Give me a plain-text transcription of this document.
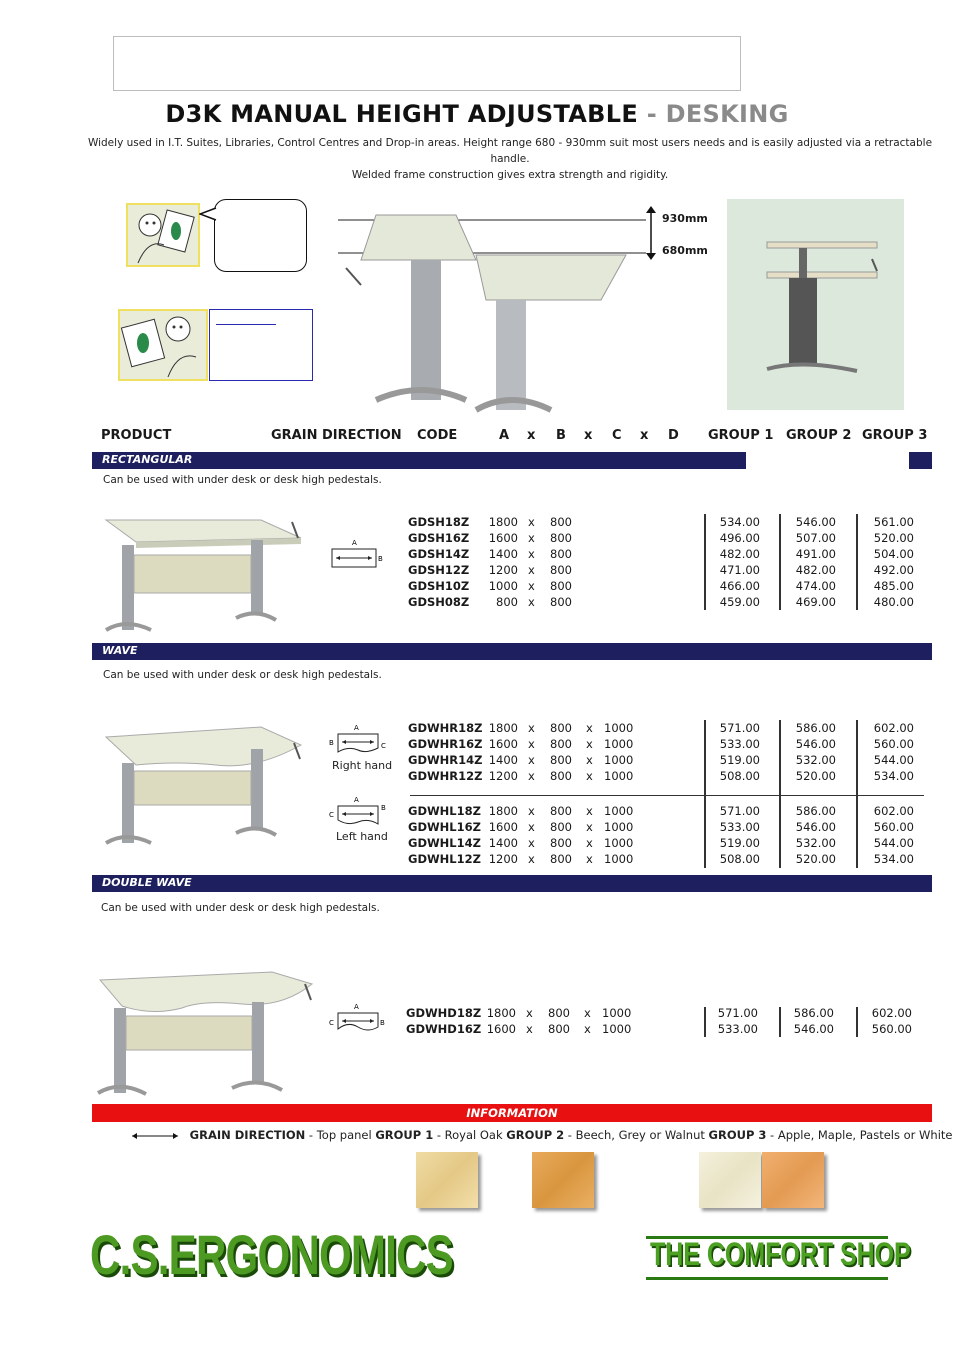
D3K MANUAL HEIGHT ADJUSTABLE - DESKING
Widely used in I.T. Suites, Libraries, Control Centres and Drop-in areas. Height range 680 - 930mm suit most users needs and is easily adjusted via a retractable handle.
Welded frame construction gives extra strength and rigidity.
930mm
680mm
PRODUCT	GRAIN DIRECTION CODE	A x B x C x D GROUP 1 GROUP 2 GROUP 3
RECTANGULAR
Can be used with under desk or desk high pedestals.
A
B
GDSH18Z 1800 x 800	534.00	546.00	561.00
GDSH16Z 1600 x 800	496.00	507.00	520.00
GDSH14Z 1400 x 800	482.00	491.00	504.00
GDSH12Z 1200 x 800	471.00	482.00	492.00
GDSH10Z 1000 x 800	466.00	474.00	485.00
GDSH08Z	800 x 800	459.00	469.00	480.00
WAVE
Can be used with under desk or desk high pedestals.
A
B	C
Right hand
A
C
B
Left hand
GDWHR18Z 1800 x 800 x 1000	571.00	586.00	602.00
GDWHR16Z 1600 x 800 x 1000	533.00	546.00	560.00
GDWHR14Z 1400 x 800 x 1000	519.00	532.00	544.00
GDWHR12Z 1200 x 800 x 1000	508.00	520.00	534.00
GDWHL18Z 1800 x 800 x 1000	571.00	586.00	602.00
GDWHL16Z 1600 x 800 x 1000	533.00	546.00	560.00
GDWHL14Z 1400 x 800 x 1000	519.00	532.00	544.00
GDWHL12Z 1200 x 800 x 1000	508.00	520.00	534.00
DOUBLE WAVE
Can be used with under desk or desk high pedestals.
A
C	B
GDWHD18Z 1800 x 800 x 1000	571.00	586.00	602.00
GDWHD16Z 1600 x 800 x 1000	533.00	546.00	560.00
INFORMATION
GRAIN DIRECTION - Top panel GROUP 1 - Royal Oak GROUP 2 - Beech, Grey or Walnut GROUP 3 - Apple, Maple, Pastels or White
C.S.ERGONOMICS	THE COMFORT SHOP
